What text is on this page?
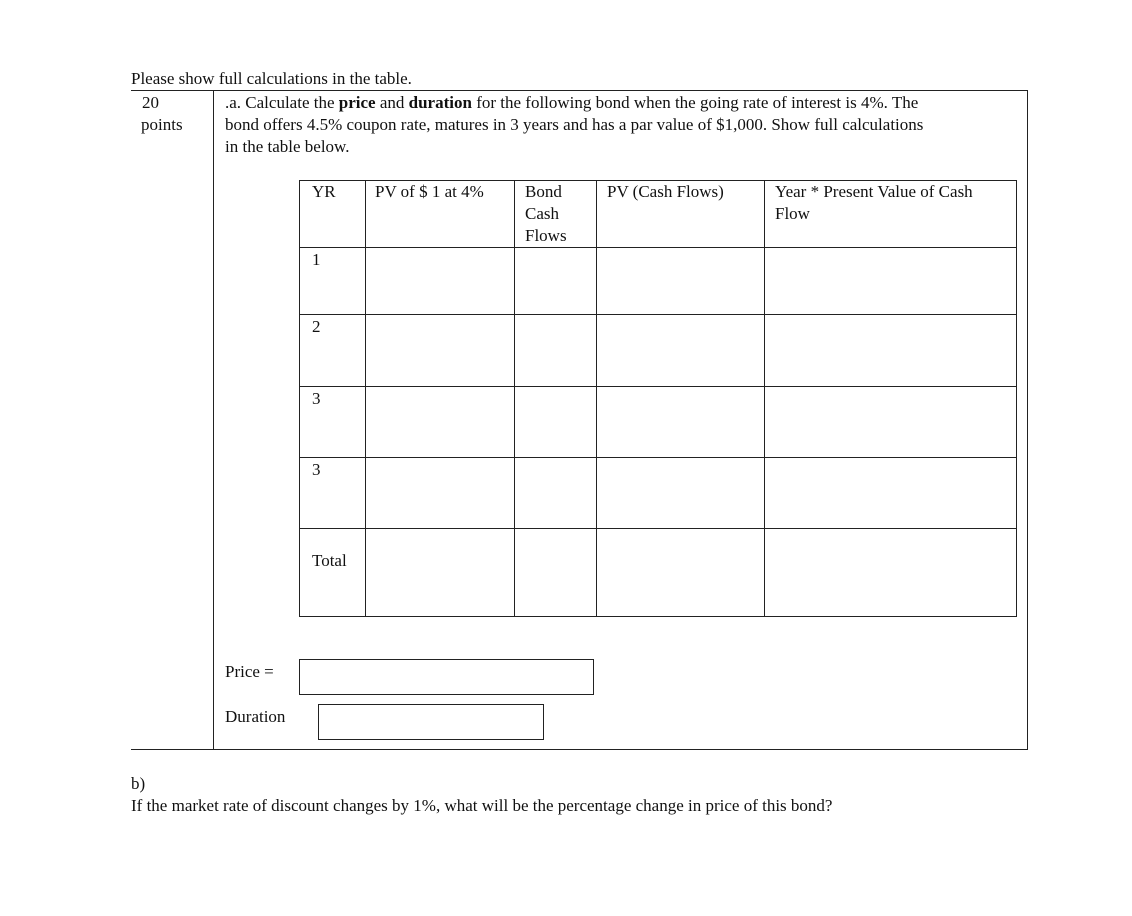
Please show full calculations in the table.
20
points
.a. Calculate the price and duration for the following bond when the going rate of interest is 4%. The
bond offers 4.5% coupon rate, matures in 3 years and has a par value of $1,000. Show full calculations
in the table below.
YR PV of $ 1 at 4% Bond
Cash
Flows
PV (Cash Flows)	Year * Present Value of Cash
Flow
1
2
3
3
Total
Price =
Duration
b)
If the market rate of discount changes by 1%, what will be the percentage change in price of this bond?
